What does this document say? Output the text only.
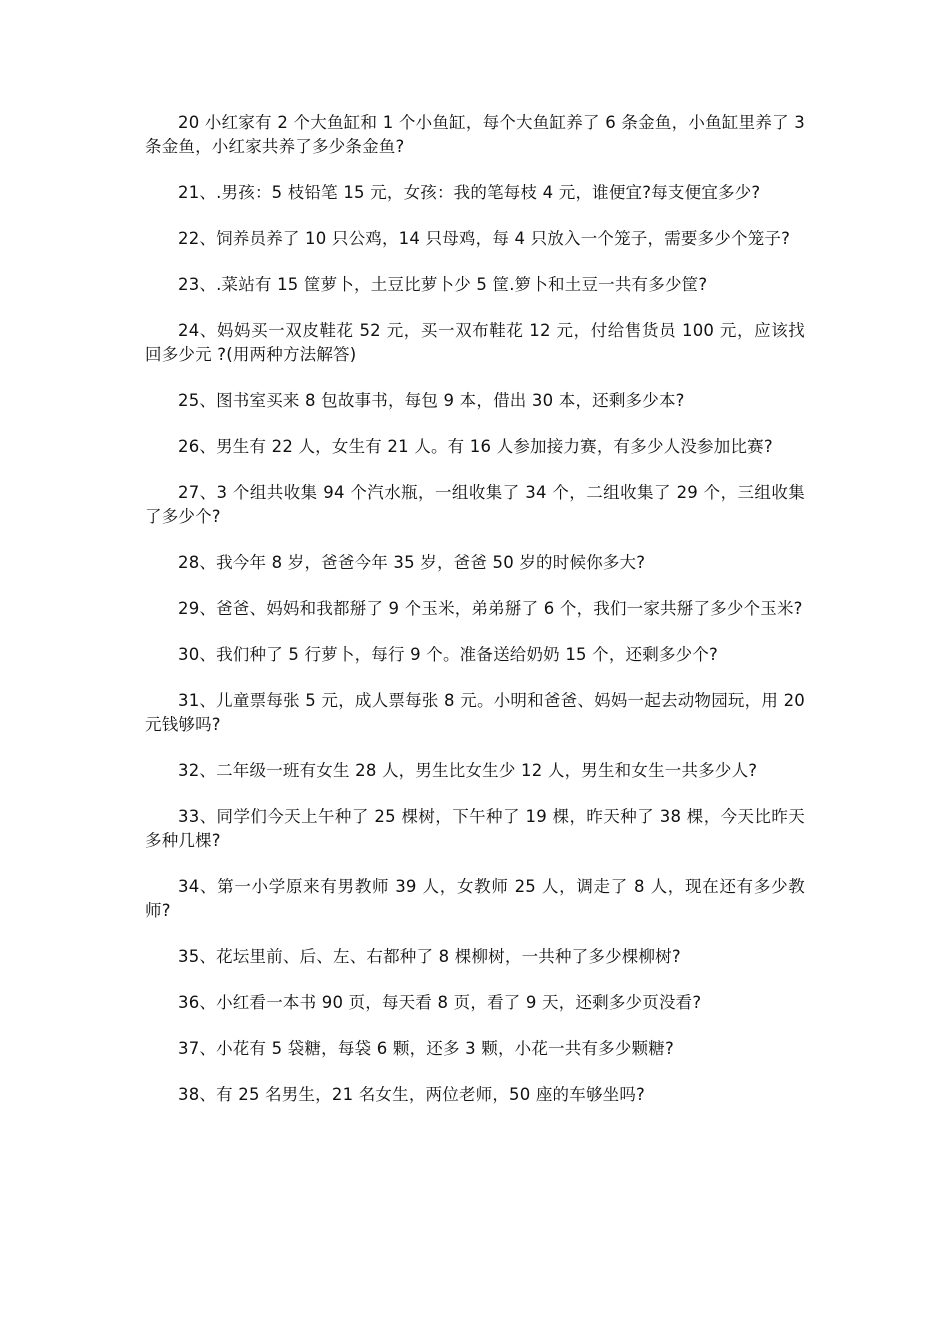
20 小红家有 2 个大鱼缸和 1 个小鱼缸，每个大鱼缸养了 6 条金鱼，小鱼缸里养了 3 条金鱼，小红家共养了多少条金鱼?

21、.男孩：5 枝铅笔 15 元，女孩：我的笔每枝 4 元，谁便宜?每支便宜多少?

22、饲养员养了 10 只公鸡，14 只母鸡，每 4 只放入一个笼子，需要多少个笼子?

23、.菜站有 15 筐萝卜，土豆比萝卜少 5 筐.箩卜和土豆一共有多少筐?

24、妈妈买一双皮鞋花 52 元，买一双布鞋花 12 元，付给售货员 100 元，应该找回多少元 ?(用两种方法解答)

25、图书室买来 8 包故事书，每包 9 本，借出 30 本，还剩多少本?

26、男生有 22 人，女生有 21 人。有 16 人参加接力赛，有多少人没参加比赛?

27、3 个组共收集 94 个汽水瓶，一组收集了 34 个，二组收集了 29 个，三组收集了多少个?

28、我今年 8 岁，爸爸今年 35 岁，爸爸 50 岁的时候你多大?

29、爸爸、妈妈和我都掰了 9 个玉米，弟弟掰了 6 个，我们一家共掰了多少个玉米?

30、我们种了 5 行萝卜，每行 9 个。准备送给奶奶 15 个，还剩多少个?

31、儿童票每张 5 元，成人票每张 8 元。小明和爸爸、妈妈一起去动物园玩，用 20 元钱够吗?

32、二年级一班有女生 28 人，男生比女生少 12 人，男生和女生一共多少人?

33、同学们今天上午种了 25 棵树，下午种了 19 棵，昨天种了 38 棵，今天比昨天多种几棵?

34、第一小学原来有男教师 39 人，女教师 25 人，调走了 8 人，现在还有多少教师?

35、花坛里前、后、左、右都种了 8 棵柳树，一共种了多少棵柳树?

36、小红看一本书 90 页，每天看 8 页，看了 9 天，还剩多少页没看?

37、小花有 5 袋糖，每袋 6 颗，还多 3 颗，小花一共有多少颗糖?

38、有 25 名男生，21 名女生，两位老师，50 座的车够坐吗?
